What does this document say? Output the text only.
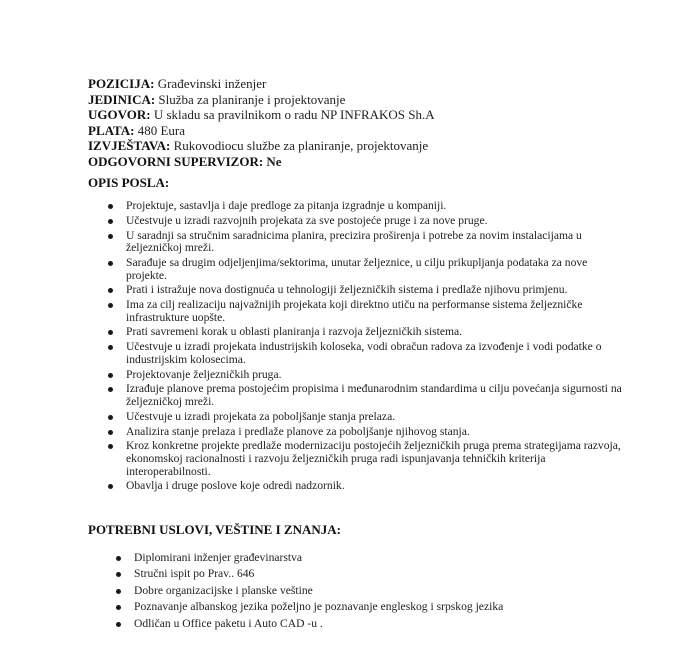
POZICIJA: Građevinski inženjer
JEDINICA: Služba za planiranje i projektovanje
UGOVOR: U skladu sa pravilnikom o radu NP INFRAKOS Sh.A
PLATA: 480 Eura
IZVJEŠTAVA: Rukovodiocu službe za planiranje, projektovanje
ODGOVORNI SUPERVIZOR: Ne
OPIS POSLA:
Projektuje, sastavlja i daje predloge za pitanja izgradnje u kompaniji.
Učestvuje u izradi razvojnih projekata za sve postojeće pruge i za nove pruge.
U saradnji sa stručnim saradnicima planira, precizira proširenja i potrebe za novim instalacijama u željezničkoj mreži.
Sarađuje sa drugim odjeljenjima/sektorima, unutar željeznice, u cilju prikupljanja podataka za nove projekte.
Prati i istražuje nova dostignuća u tehnologiji željezničkih sistema i predlaže njihovu primjenu.
Ima za cilj realizaciju najvažnijih projekata koji direktno utiču na performanse sistema željezničke infrastrukture uopšte.
Prati savremeni korak u oblasti planiranja i razvoja željezničkih sistema.
Učestvuje u izradi projekata industrijskih koloseka, vodi obračun radova za izvođenje i vodi podatke o industrijskim kolosecima.
Projektovanje željezničkih pruga.
Izrađuje planove prema postojećim propisima i međunarodnim standardima u cilju povećanja sigurnosti na željezničkoj mreži.
Učestvuje u izradi projekata za poboljšanje stanja prelaza.
Analizira stanje prelaza i predlaže planove za poboljšanje njihovog stanja.
Kroz konkretne projekte predlaže modernizaciju postojećih željezničkih pruga prema strategijama razvoja, ekonomskoj racionalnosti i razvoju željezničkih pruga radi ispunjavanja tehničkih kriterija interoperabilnosti.
Obavlja i druge poslove koje odredi nadzornik.
POTREBNI USLOVI, VEŠTINE I ZNANJA:
Diplomirani inženjer građevinarstva
Stručni ispit po Prav.. 646
Dobre organizacijske i planske veštine
Poznavanje albanskog jezika poželjno je poznavanje engleskog i srpskog jezika
Odličan u Office paketu i Auto CAD -u .
